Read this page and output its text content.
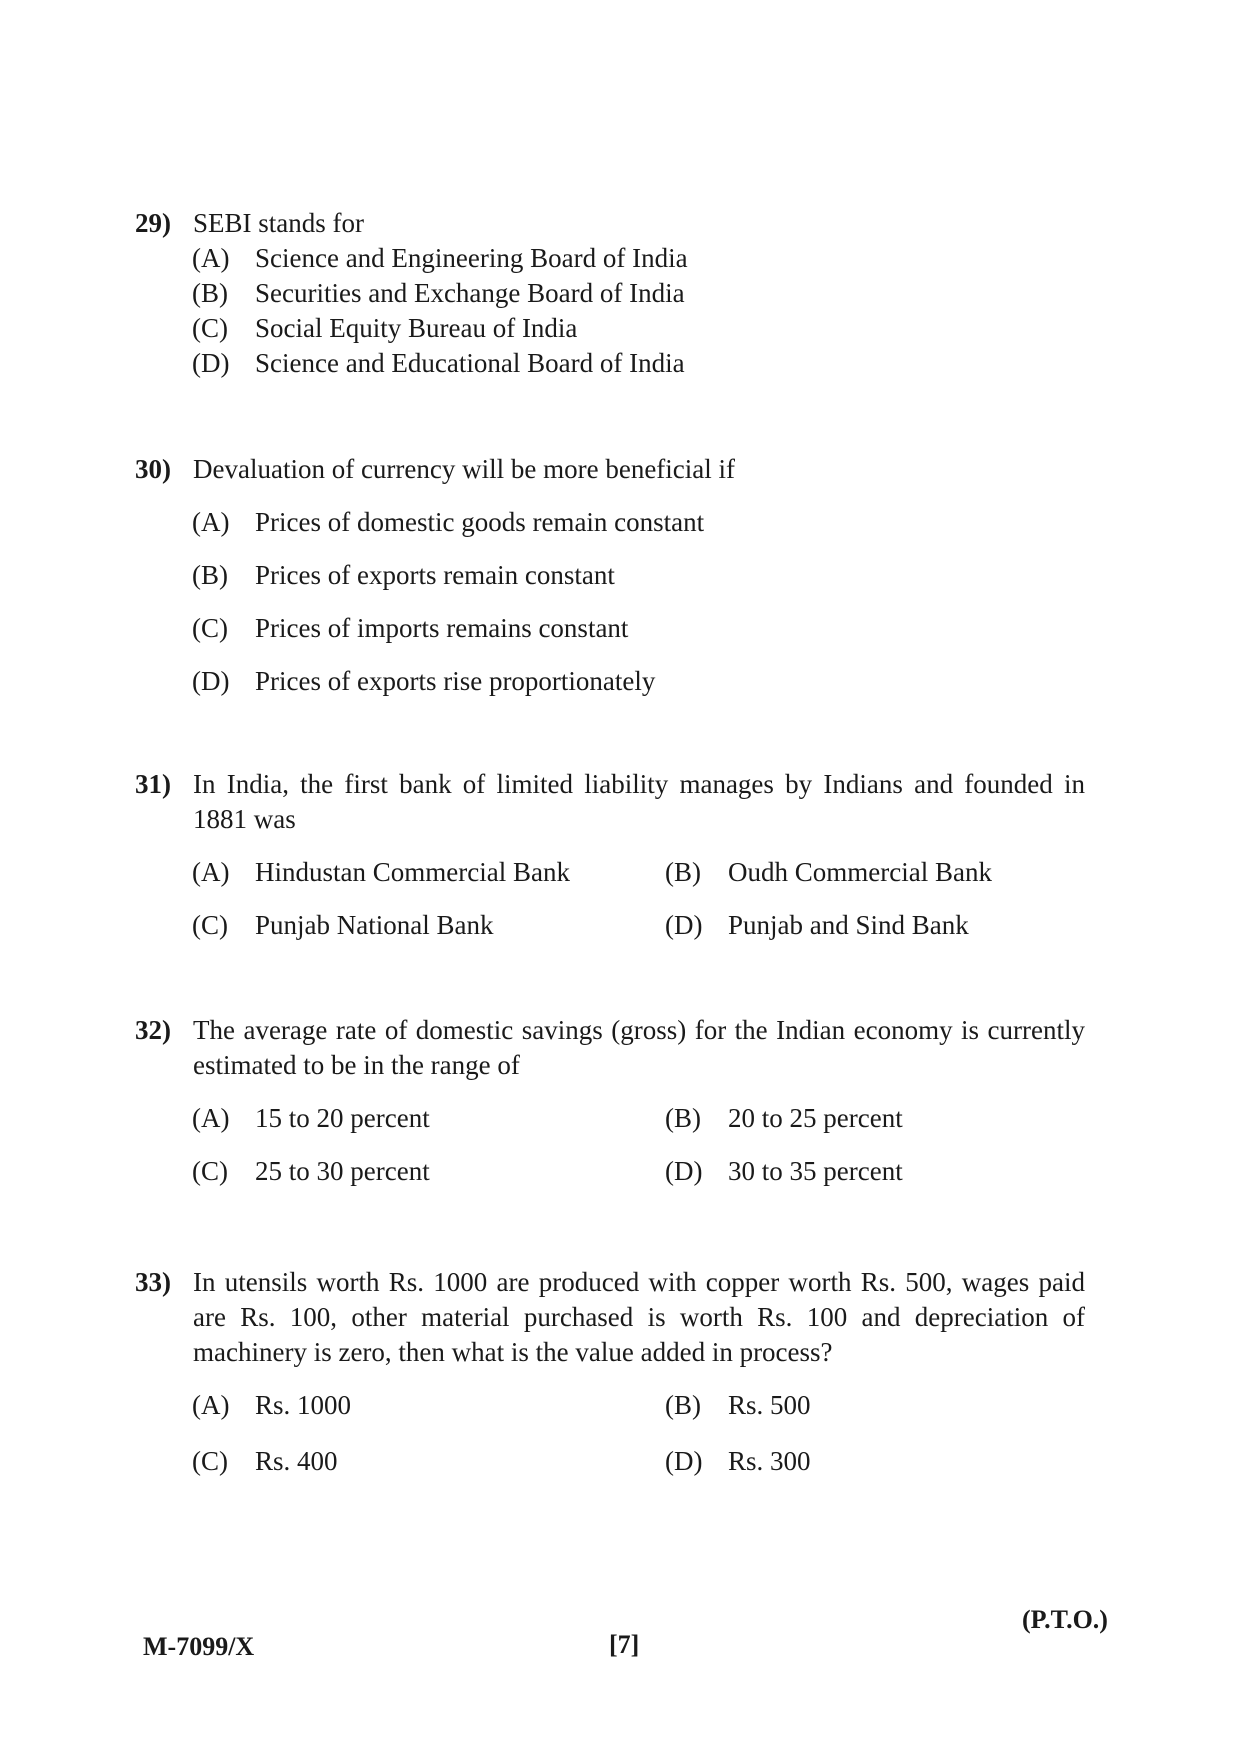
29) SEBI stands for
(A) Science and Engineering Board of India
(B) Securities and Exchange Board of India
(C) Social Equity Bureau of India
(D) Science and Educational Board of India
30) Devaluation of currency will be more beneficial if
(A) Prices of domestic goods remain constant
(B) Prices of exports remain constant
(C) Prices of imports remains constant
(D) Prices of exports rise proportionately
31) In India, the first bank of limited liability manages by Indians and founded in 1881 was
(A) Hindustan Commercial Bank	(B) Oudh Commercial Bank
(C) Punjab National Bank	(D) Punjab and Sind Bank
32) The average rate of domestic savings (gross) for the Indian economy is currently estimated to be in the range of
(A) 15 to 20 percent	(B) 20 to 25 percent
(C) 25 to 30 percent	(D) 30 to 35 percent
33) In utensils worth Rs. 1000 are produced with copper worth Rs. 500, wages paid are Rs. 100, other material purchased is worth Rs. 100 and depreciation of machinery is zero, then what is the value added in process?
(A) Rs. 1000	(B) Rs. 500
(C) Rs. 400	(D) Rs. 300
(P.T.O.)
M-7099/X	[7]
